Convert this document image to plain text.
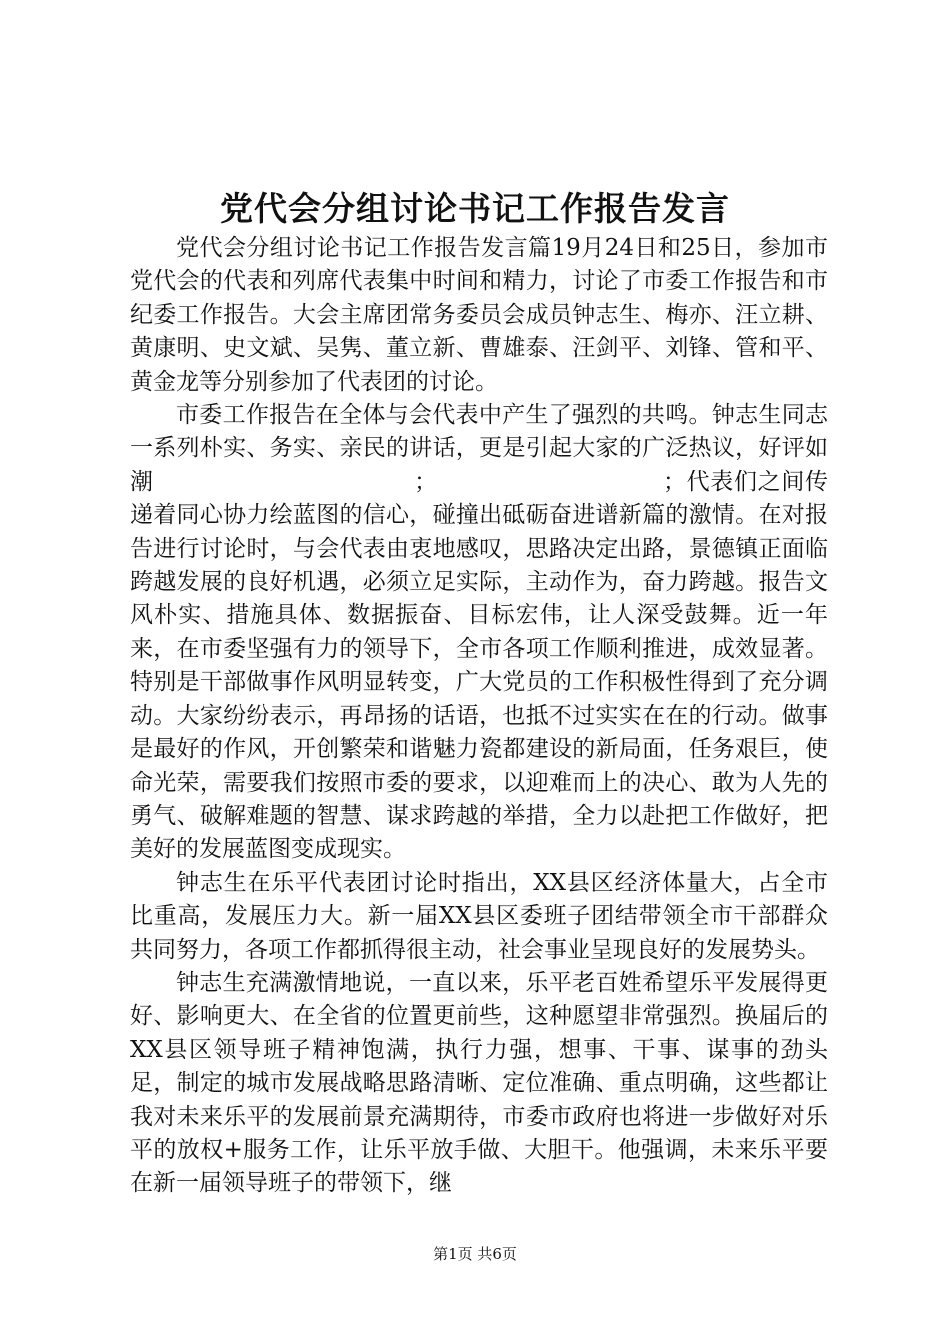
党代会分组讨论书记工作报告发言

党代会分组讨论书记工作报告发言篇19月24日和25日，参加市党代会的代表和列席代表集中时间和精力，讨论了市委工作报告和市纪委工作报告。大会主席团常务委员会成员钟志生、梅亦、汪立耕、黄康明、史文斌、吴隽、董立新、曹雄泰、汪剑平、刘锋、管和平、黄金龙等分别参加了代表团的讨论。

市委工作报告在全体与会代表中产生了强烈的共鸣。钟志生同志一系列朴实、务实、亲民的讲话，更是引起大家的广泛热议，好评如潮　　　　　　　　　　　；　　　　　　　　　　；代表们之间传递着同心协力绘蓝图的信心，碰撞出砥砺奋进谱新篇的激情。在对报告进行讨论时，与会代表由衷地感叹，思路决定出路，景德镇正面临跨越发展的良好机遇，必须立足实际，主动作为，奋力跨越。报告文风朴实、措施具体、数据振奋、目标宏伟，让人深受鼓舞。近一年来，在市委坚强有力的领导下，全市各项工作顺利推进，成效显著。特别是干部做事作风明显转变，广大党员的工作积极性得到了充分调动。大家纷纷表示，再昂扬的话语，也抵不过实实在在的行动。做事是最好的作风，开创繁荣和谐魅力瓷都建设的新局面，任务艰巨，使命光荣，需要我们按照市委的要求，以迎难而上的决心、敢为人先的勇气、破解难题的智慧、谋求跨越的举措，全力以赴把工作做好，把美好的发展蓝图变成现实。

钟志生在乐平代表团讨论时指出，XX县区经济体量大，占全市比重高，发展压力大。新一届XX县区委班子团结带领全市干部群众共同努力，各项工作都抓得很主动，社会事业呈现良好的发展势头。

钟志生充满激情地说，一直以来，乐平老百姓希望乐平发展得更好、影响更大、在全省的位置更前些，这种愿望非常强烈。换届后的XX县区领导班子精神饱满，执行力强，想事、干事、谋事的劲头足，制定的城市发展战略思路清晰、定位准确、重点明确，这些都让我对未来乐平的发展前景充满期待，市委市政府也将进一步做好对乐平的放权+服务工作，让乐平放手做、大胆干。他强调，未来乐平要在新一届领导班子的带领下，继

第1页 共6页
